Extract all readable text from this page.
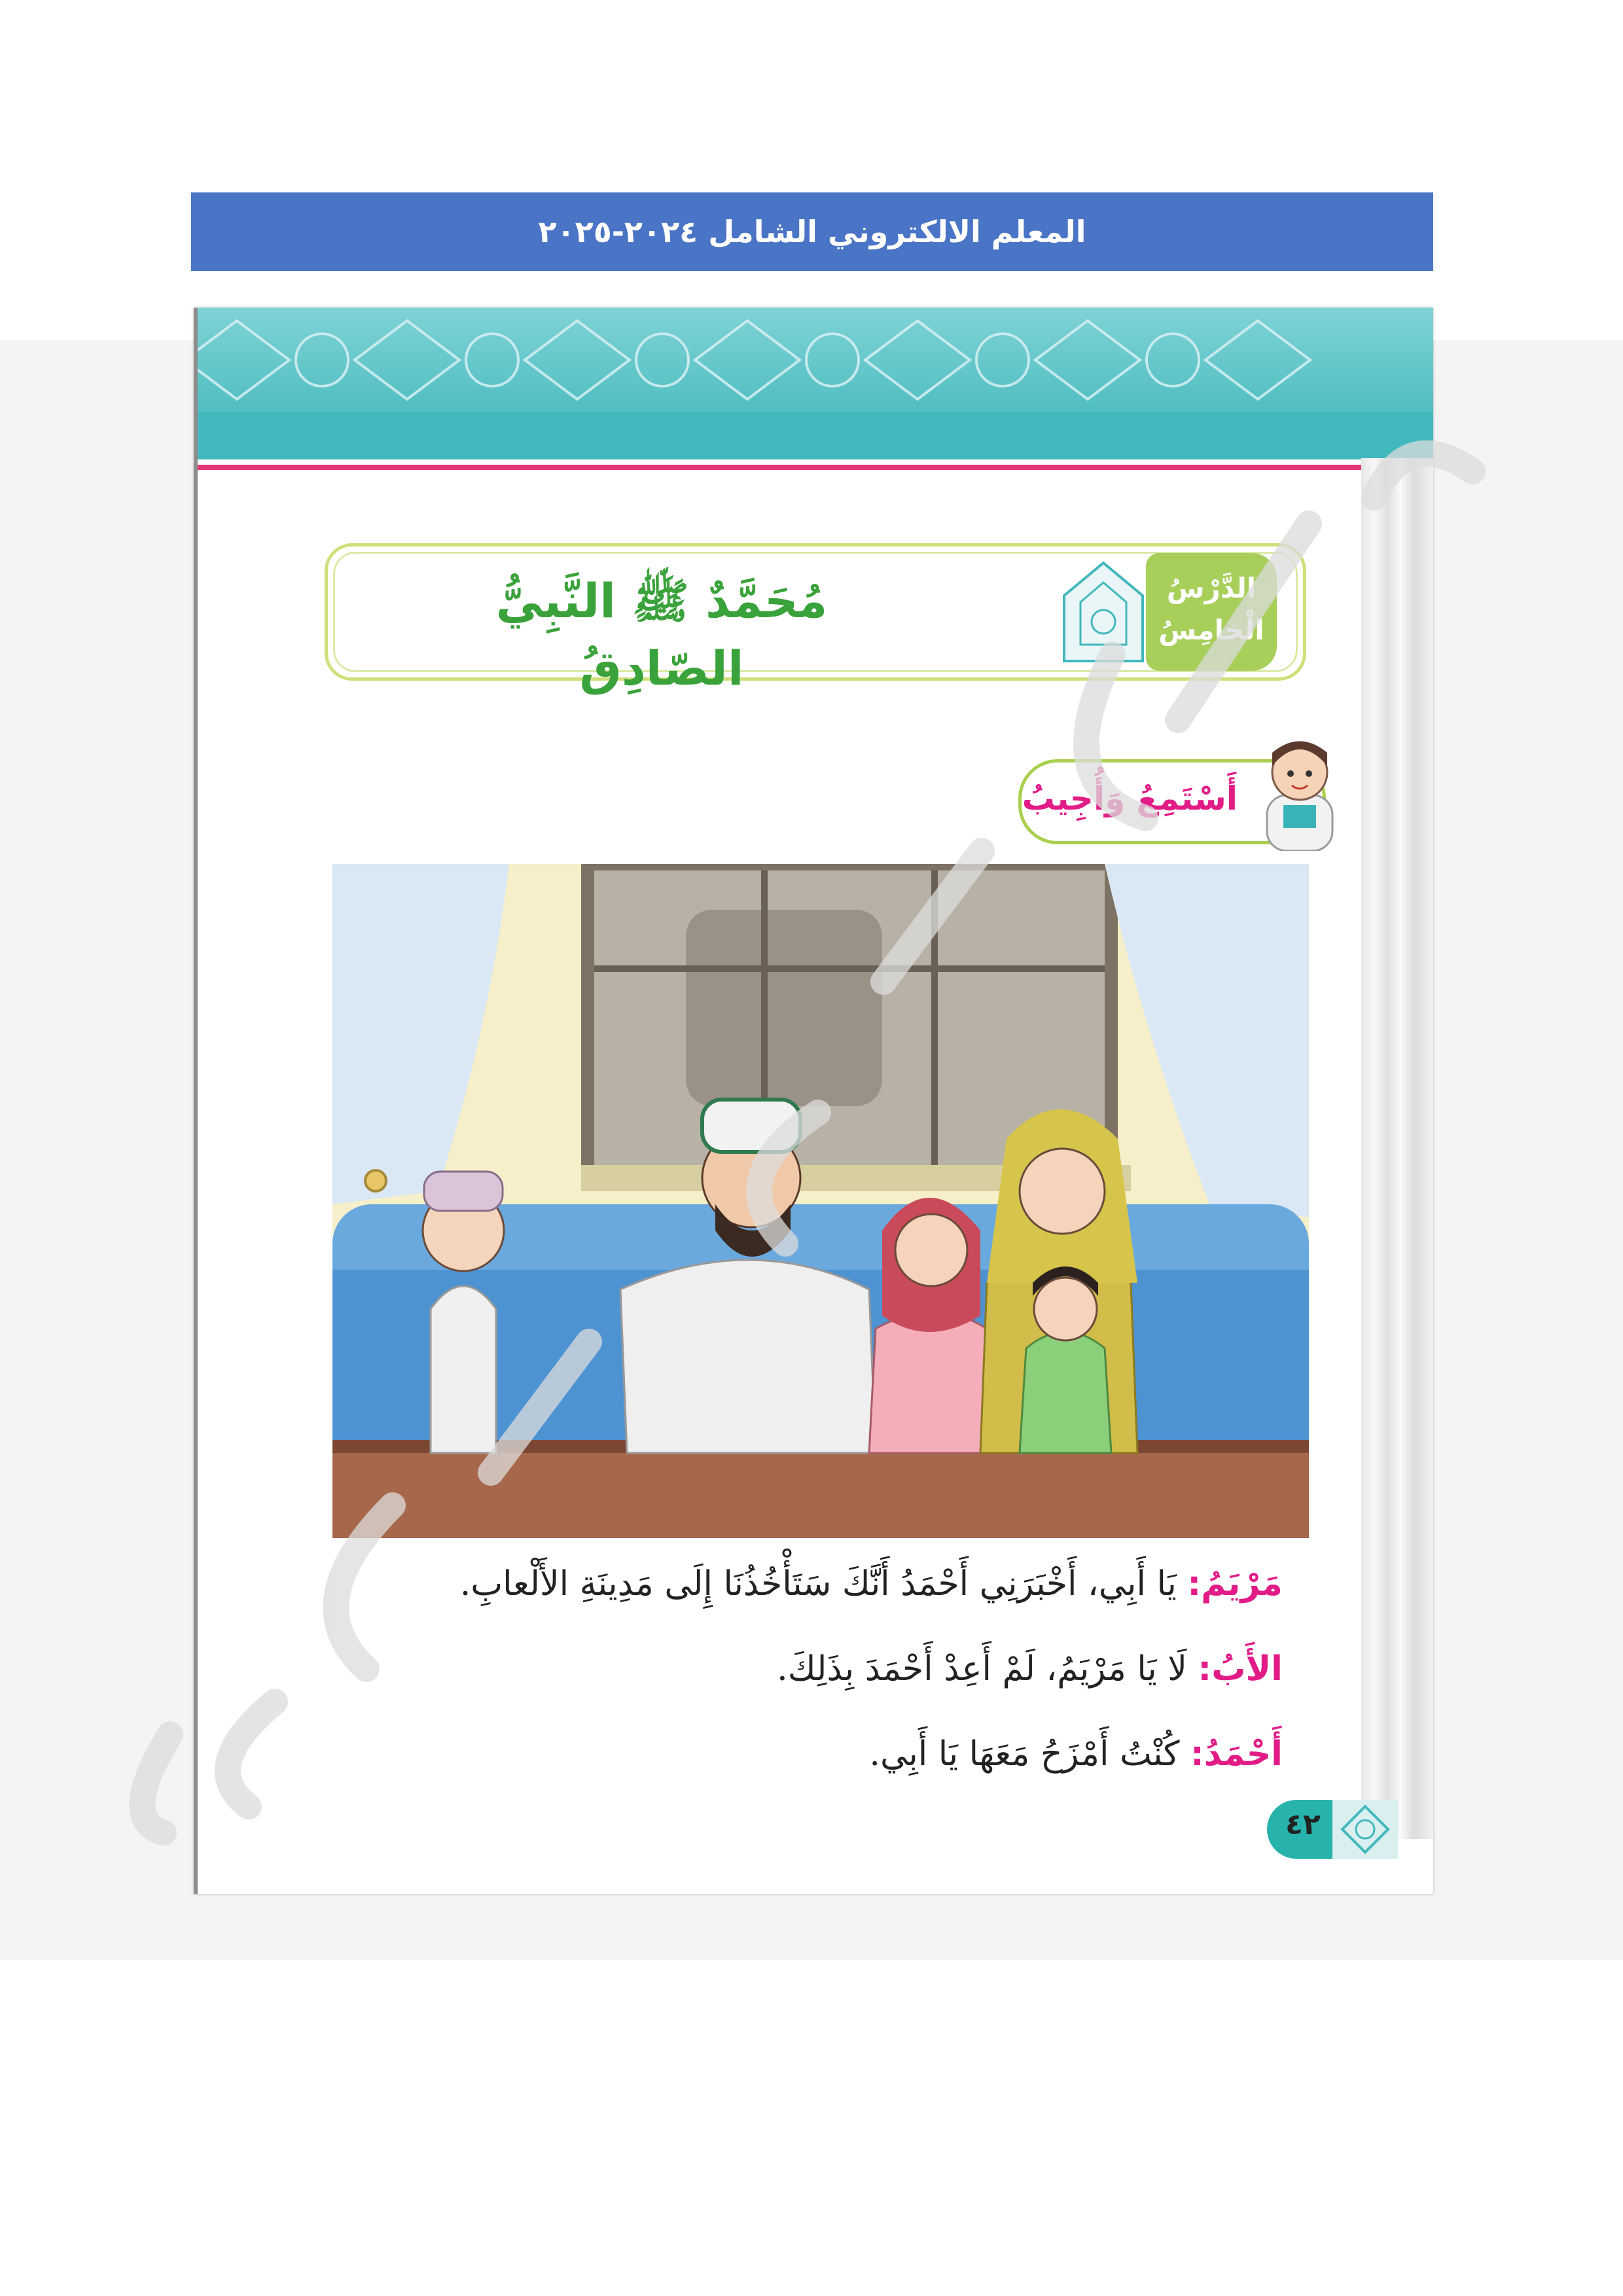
المعلم الالكتروني الشامل ٢٠٢٤-٢٠٢٥
مُحَمَّدٌ ﷺ النَّبِيُّ الصّادِقُ
الدَّرْسُ
الْخامِسُ
أَسْتَمِعُ وَأُجِيبُ
مَرْيَمُ: يَا أَبِي، أَخْبَرَنِي أَحْمَدُ أَنَّكَ سَتَأْخُذُنَا إِلَى مَدِينَةِ الأَلْعابِ.
الأَبُ: لَا يَا مَرْيَمُ، لَمْ أَعِدْ أَحْمَدَ بِذَلِكَ.
أَحْمَدُ: كُنْتُ أَمْزَحُ مَعَهَا يَا أَبِي.
٤٢
